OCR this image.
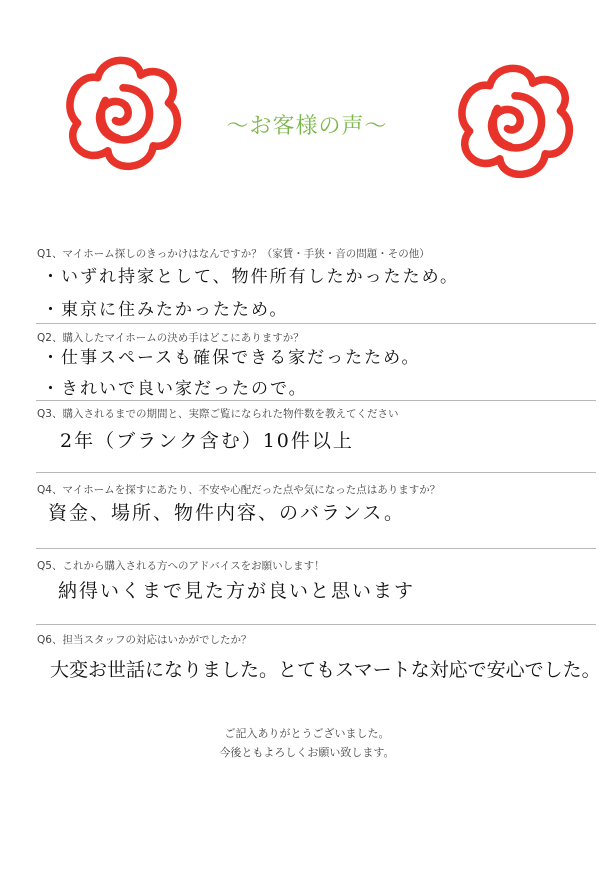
〜お客様の声〜
Q1、マイホーム探しのきっかけはなんですか？（家賃・手狭・音の問題・その他）
・いずれ持家として、物件所有したかったため。
・東京に住みたかったため。
Q2、購入したマイホームの決め手はどこにありますか？
・仕事スペースも確保できる家だったため。
・きれいで良い家だったので。
Q3、購入されるまでの期間と、実際ご覧になられた物件数を教えてください
2年（ブランク含む）10件以上
Q4、マイホームを探すにあたり、不安や心配だった点や気になった点はありますか？
資金、場所、物件内容、のバランス。
Q5、これから購入される方へのアドバイスをお願いします！
納得いくまで見た方が良いと思います
Q6、担当スタッフの対応はいかがでしたか？
大変お世話になりました。とてもスマートな対応で安心でした。
ご記入ありがとうございました。
今後ともよろしくお願い致します。
